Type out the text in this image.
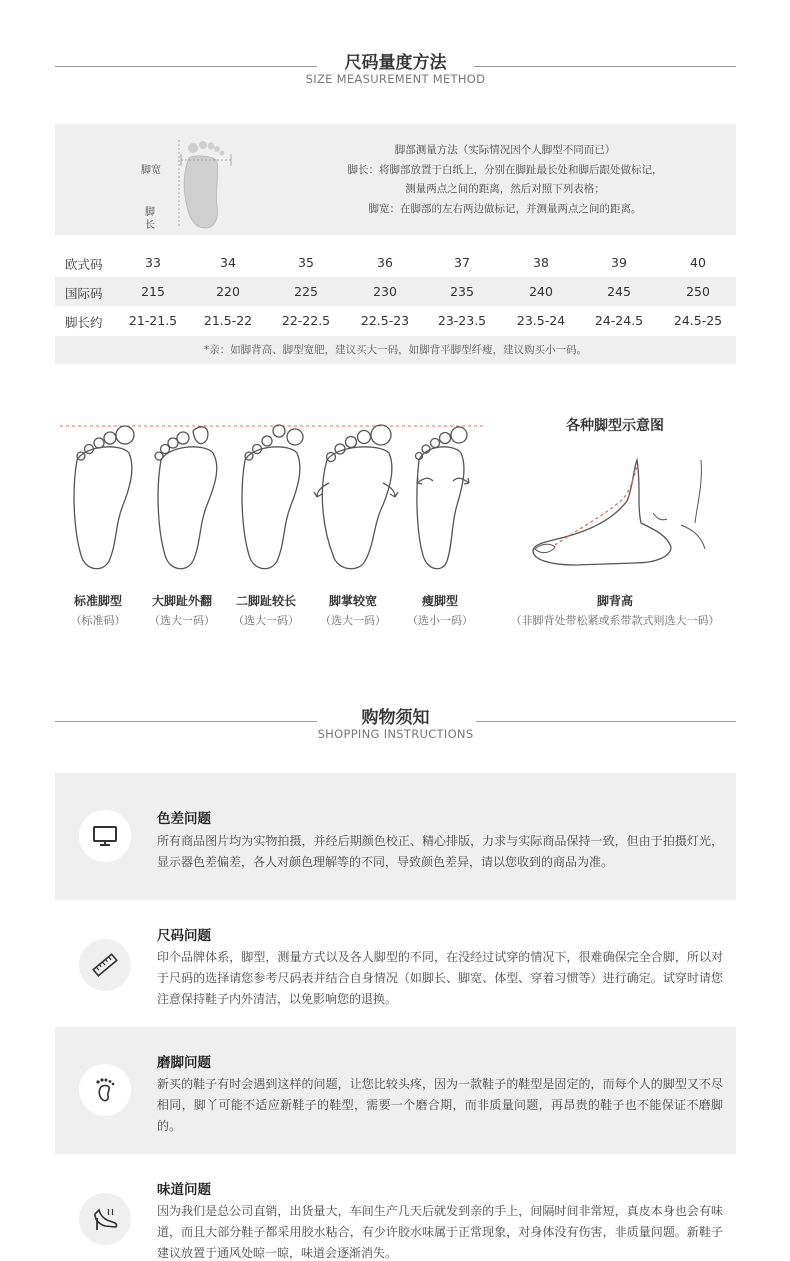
尺码量度方法
SIZE MEASUREMENT METHOD
脚宽
脚长
脚部测量方法（实际情况因个人脚型不同而已）
脚长：将脚部放置于白纸上，分别在脚趾最长处和脚后跟处做标记，
测量两点之间的距离，然后对照下列表格；
脚宽：在脚部的左右两边做标记，并测量两点之间的距离。
欧式码	33	34	35	36	37	38	39	40
国际码	215	220	225	230	235	240	245	250
脚长约	21-21.5	21.5-22	22-22.5	22.5-23	23-23.5	23.5-24	24-24.5	24.5-25
*亲：如脚背高、脚型宽肥，建议买大一码，如脚背平脚型纤瘦，建议购买小一码。
各种脚型示意图
标准脚型
（标准码）
大脚趾外翻
（选大一码）
二脚趾较长
（选大一码）
脚掌较宽
（选大一码）
瘦脚型
（选小一码）
脚背高
（非脚背处带松紧或系带款式则选大一码）
购物须知
SHOPPING INSTRUCTIONS
色差问题
所有商品图片均为实物拍摄，并经后期颜色校正、精心排版，力求与实际商品保持一致，但由于拍摄灯光，显示器色差偏差，各人对颜色理解等的不同，导致颜色差异，请以您收到的商品为准。
尺码问题
印个品牌体系，脚型，测量方式以及各人脚型的不同，在没经过试穿的情况下，很难确保完全合脚，所以对于尺码的选择请您参考尺码表并结合自身情况（如脚长、脚宽、体型、穿着习惯等）进行确定。试穿时请您注意保持鞋子内外清洁，以免影响您的退换。
磨脚问题
新买的鞋子有时会遇到这样的问题，让您比较头疼，因为一款鞋子的鞋型是固定的，而每个人的脚型又不尽相同，脚丫可能不适应新鞋子的鞋型，需要一个磨合期，而非质量问题，再昂贵的鞋子也不能保证不磨脚的。
味道问题
因为我们是总公司直销，出货量大，车间生产几天后就发到亲的手上，间隔时间非常短，真皮本身也会有味道，而且大部分鞋子都采用胶水粘合，有少许胶水味属于正常现象，对身体没有伤害，非质量问题。新鞋子建议放置于通风处晾一晾，味道会逐渐消失。
